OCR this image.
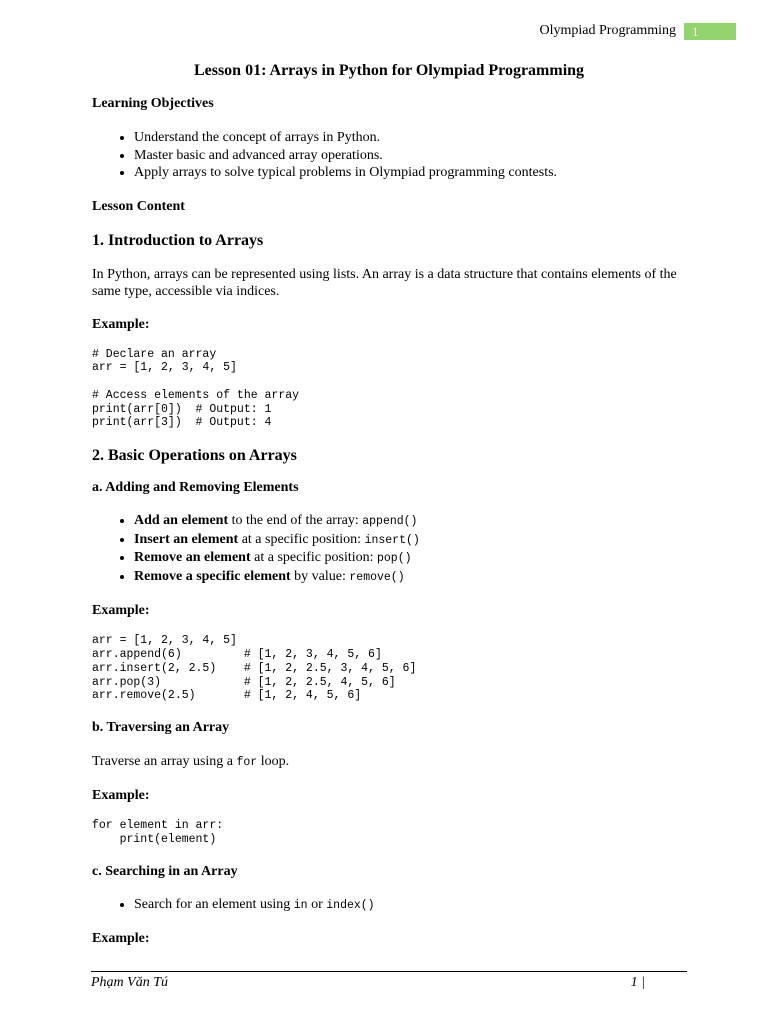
Olympiad Programming	1
Lesson 01: Arrays in Python for Olympiad Programming

Learning Objectives

• Understand the concept of arrays in Python.
• Master basic and advanced array operations.
• Apply arrays to solve typical problems in Olympiad programming contests.

Lesson Content

1. Introduction to Arrays

In Python, arrays can be represented using lists. An array is a data structure that contains elements of the same type, accessible via indices.

Example:

# Declare an array
arr = [1, 2, 3, 4, 5]

# Access elements of the array
print(arr[0])  # Output: 1
print(arr[3])  # Output: 4

2. Basic Operations on Arrays

a. Adding and Removing Elements

• Add an element to the end of the array: append()
• Insert an element at a specific position: insert()
• Remove an element at a specific position: pop()
• Remove a specific element by value: remove()

Example:

arr = [1, 2, 3, 4, 5]
arr.append(6)         # [1, 2, 3, 4, 5, 6]
arr.insert(2, 2.5)    # [1, 2, 2.5, 3, 4, 5, 6]
arr.pop(3)            # [1, 2, 2.5, 4, 5, 6]
arr.remove(2.5)       # [1, 2, 4, 5, 6]

b. Traversing an Array

Traverse an array using a for loop.

Example:

for element in arr:
print(element)

c. Searching in an Array

• Search for an element using in or index()

Example:

Phạm Văn Tú	1 |
